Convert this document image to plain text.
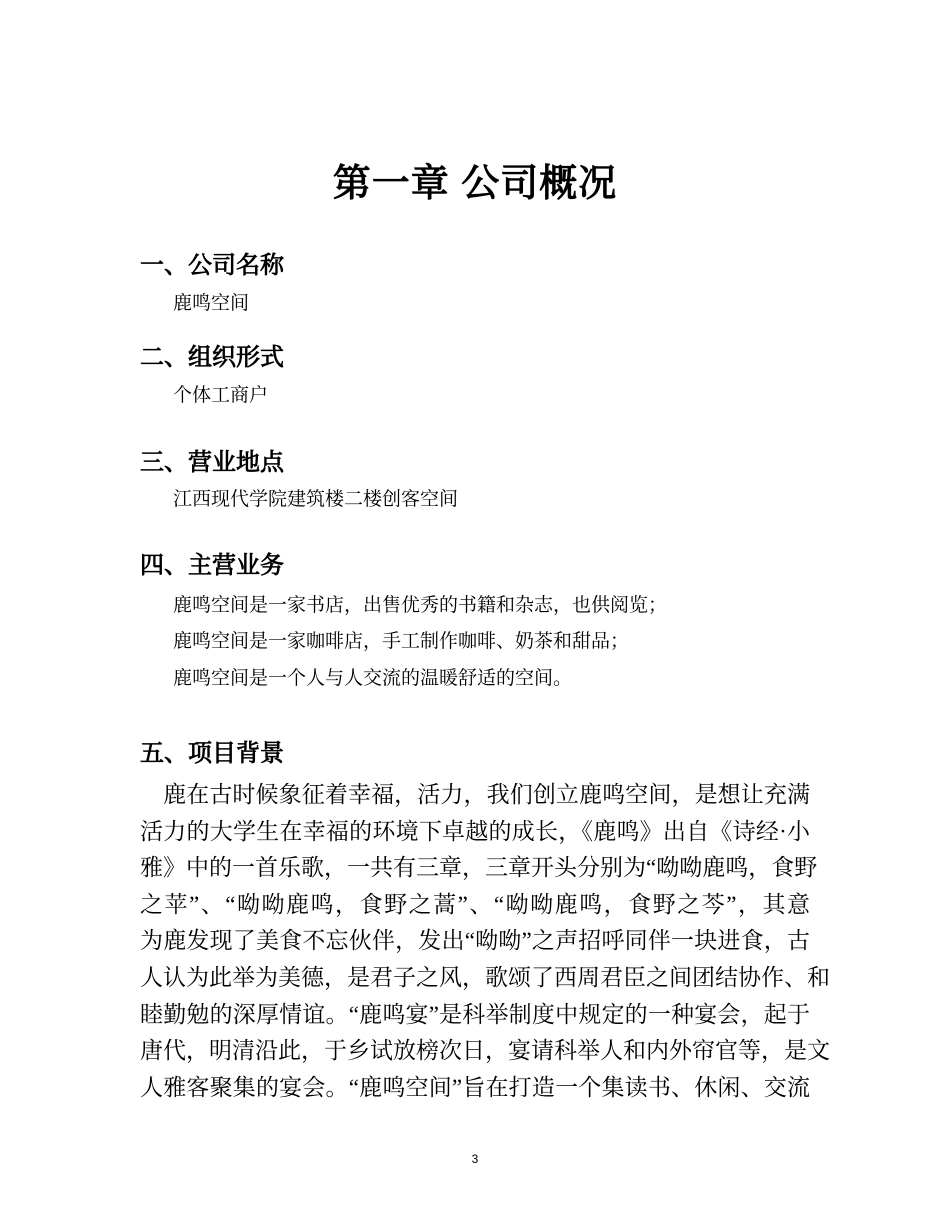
第一章 公司概况
一、公司名称
鹿鸣空间
二、组织形式
个体工商户
三、营业地点
江西现代学院建筑楼二楼创客空间
四、主营业务
鹿鸣空间是一家书店，出售优秀的书籍和杂志，也供阅览；
鹿鸣空间是一家咖啡店，手工制作咖啡、奶茶和甜品；
鹿鸣空间是一个人与人交流的温暖舒适的空间。
五、项目背景
　鹿在古时候象征着幸福，活力，我们创立鹿鸣空间，是想让充满
活力的大学生在幸福的环境下卓越的成长，《鹿鸣》出自《诗经·小
雅》中的一首乐歌，一共有三章，三章开头分别为“呦呦鹿鸣，食野
之苹”、“呦呦鹿鸣，食野之蒿”、“呦呦鹿鸣，食野之芩”，其意
为鹿发现了美食不忘伙伴，发出“呦呦”之声招呼同伴一块进食，古
人认为此举为美德，是君子之风，歌颂了西周君臣之间团结协作、和
睦勤勉的深厚情谊。“鹿鸣宴”是科举制度中规定的一种宴会，起于
唐代，明清沿此，于乡试放榜次日，宴请科举人和内外帘官等，是文
人雅客聚集的宴会。“鹿鸣空间”旨在打造一个集读书、休闲、交流
3
